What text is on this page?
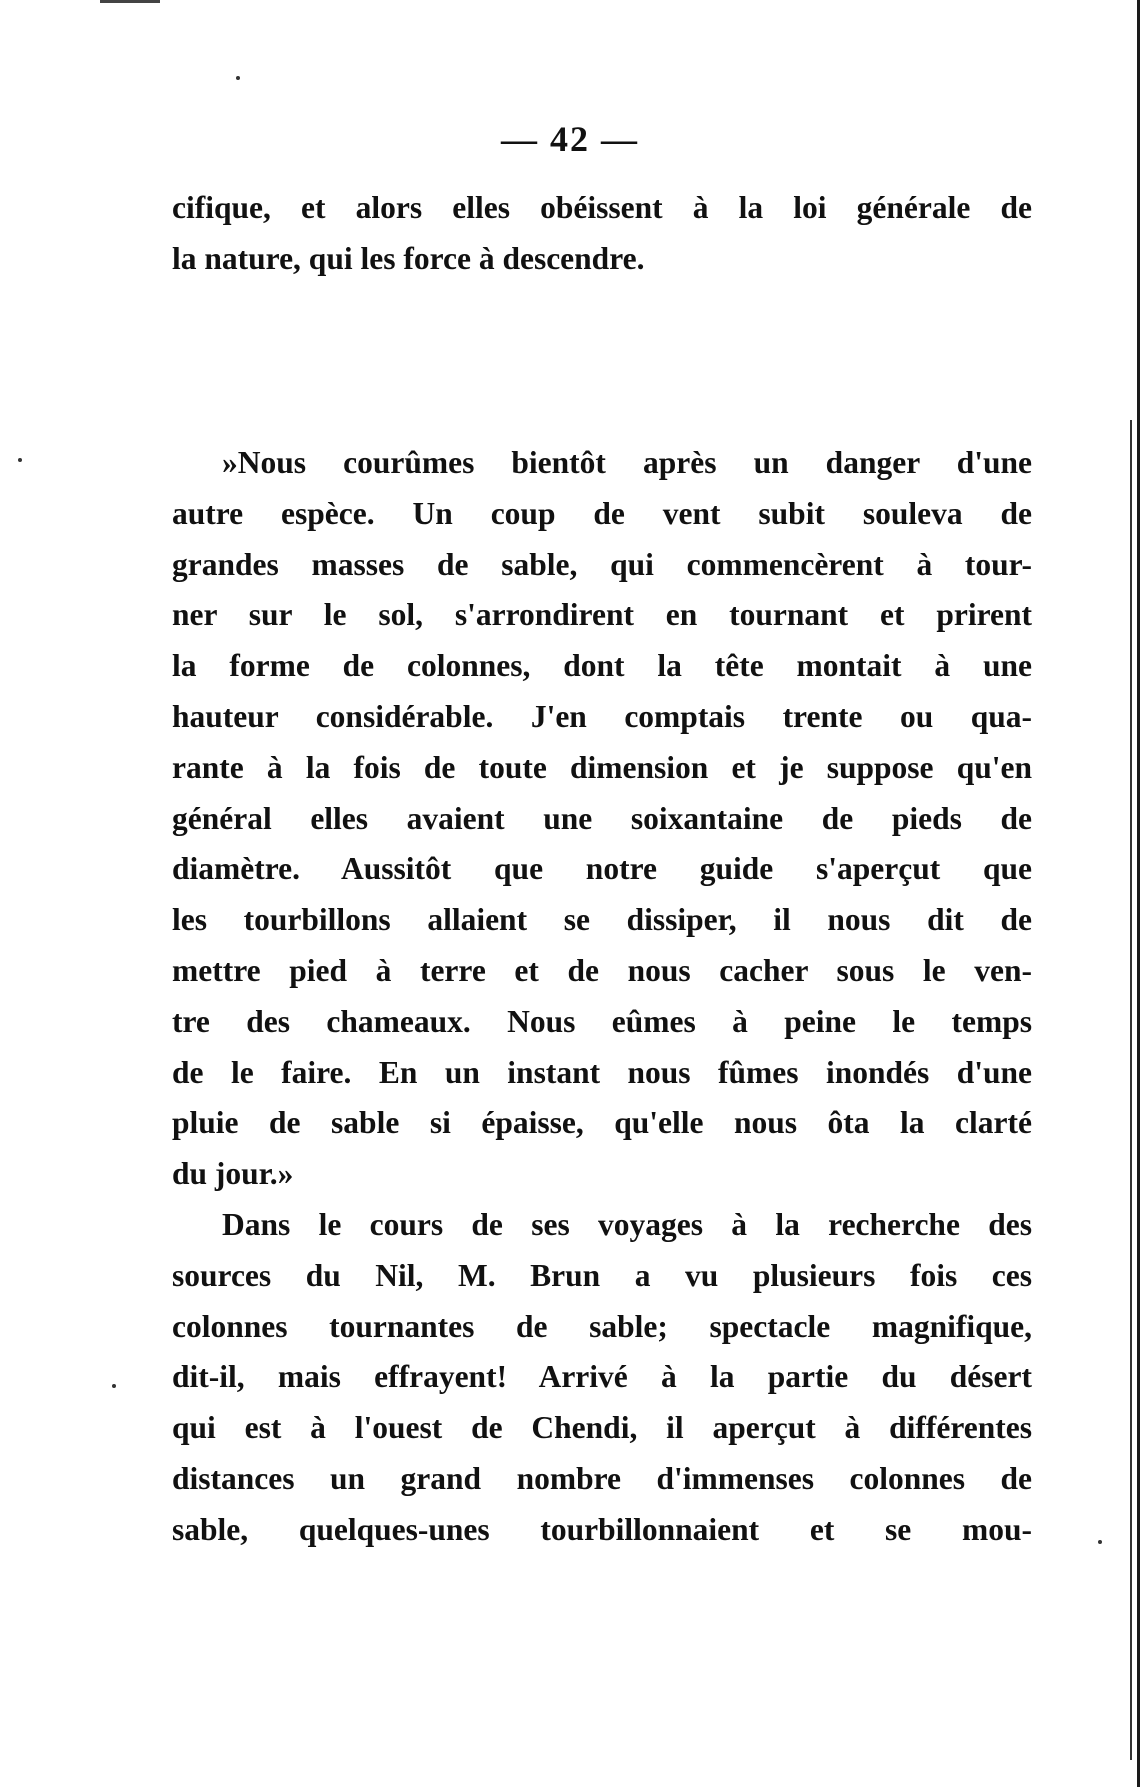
— 42 —
cifique, et alors elles obéissent à la loi générale de
la nature, qui les force à descendre.
»Nous courûmes bientôt après un danger d'une
autre espèce. Un coup de vent subit souleva de
grandes masses de sable, qui commencèrent à tour-
ner sur le sol, s'arrondirent en tournant et prirent
la forme de colonnes, dont la tête montait à une
hauteur considérable. J'en comptais trente ou qua-
rante à la fois de toute dimension et je suppose qu'en
général elles avaient une soixantaine de pieds de
diamètre. Aussitôt que notre guide s'aperçut que
les tourbillons allaient se dissiper, il nous dit de
mettre pied à terre et de nous cacher sous le ven-
tre des chameaux. Nous eûmes à peine le temps
de le faire. En un instant nous fûmes inondés d'une
pluie de sable si épaisse, qu'elle nous ôta la clarté
du jour.»
Dans le cours de ses voyages à la recherche des
sources du Nil, M. Brun a vu plusieurs fois ces
colonnes tournantes de sable; spectacle magnifique,
dit-il, mais effrayent! Arrivé à la partie du désert
qui est à l'ouest de Chendi, il aperçut à différentes
distances un grand nombre d'immenses colonnes de
sable, quelques-unes tourbillonnaient et se mou-
